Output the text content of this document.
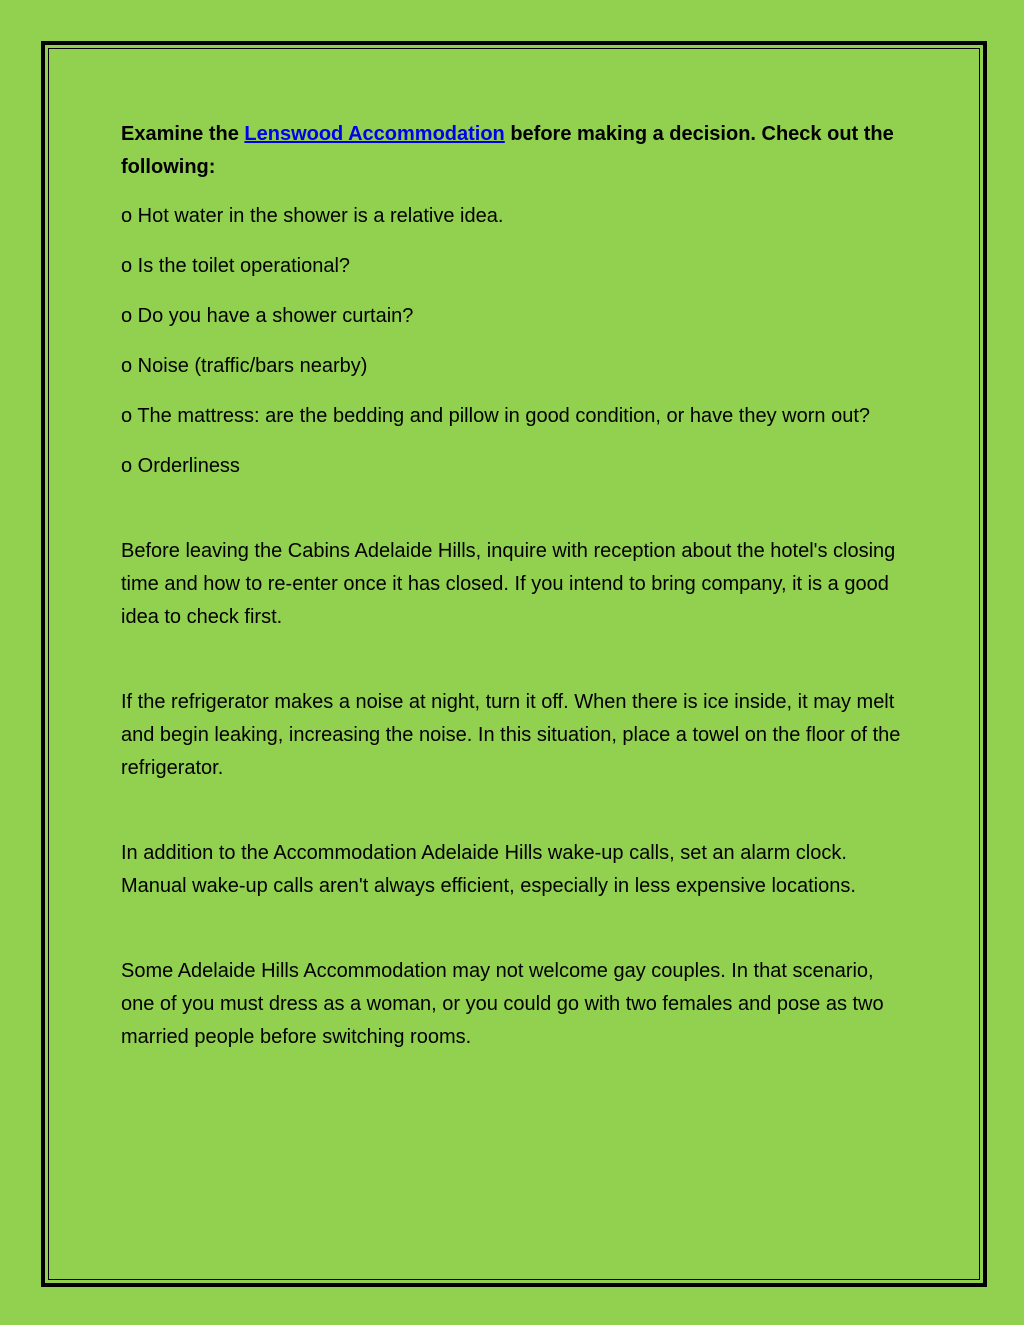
Examine the Lenswood Accommodation before making a decision. Check out the following:

o Hot water in the shower is a relative idea.

o Is the toilet operational?

o Do you have a shower curtain?

o Noise (traffic/bars nearby)

o The mattress: are the bedding and pillow in good condition, or have they worn out?

o Orderliness

Before leaving the Cabins Adelaide Hills, inquire with reception about the hotel's closing time and how to re-enter once it has closed. If you intend to bring company, it is a good idea to check first.

If the refrigerator makes a noise at night, turn it off. When there is ice inside, it may melt and begin leaking, increasing the noise. In this situation, place a towel on the floor of the refrigerator.

In addition to the Accommodation Adelaide Hills wake-up calls, set an alarm clock. Manual wake-up calls aren't always efficient, especially in less expensive locations.

Some Adelaide Hills Accommodation may not welcome gay couples. In that scenario, one of you must dress as a woman, or you could go with two females and pose as two married people before switching rooms.
